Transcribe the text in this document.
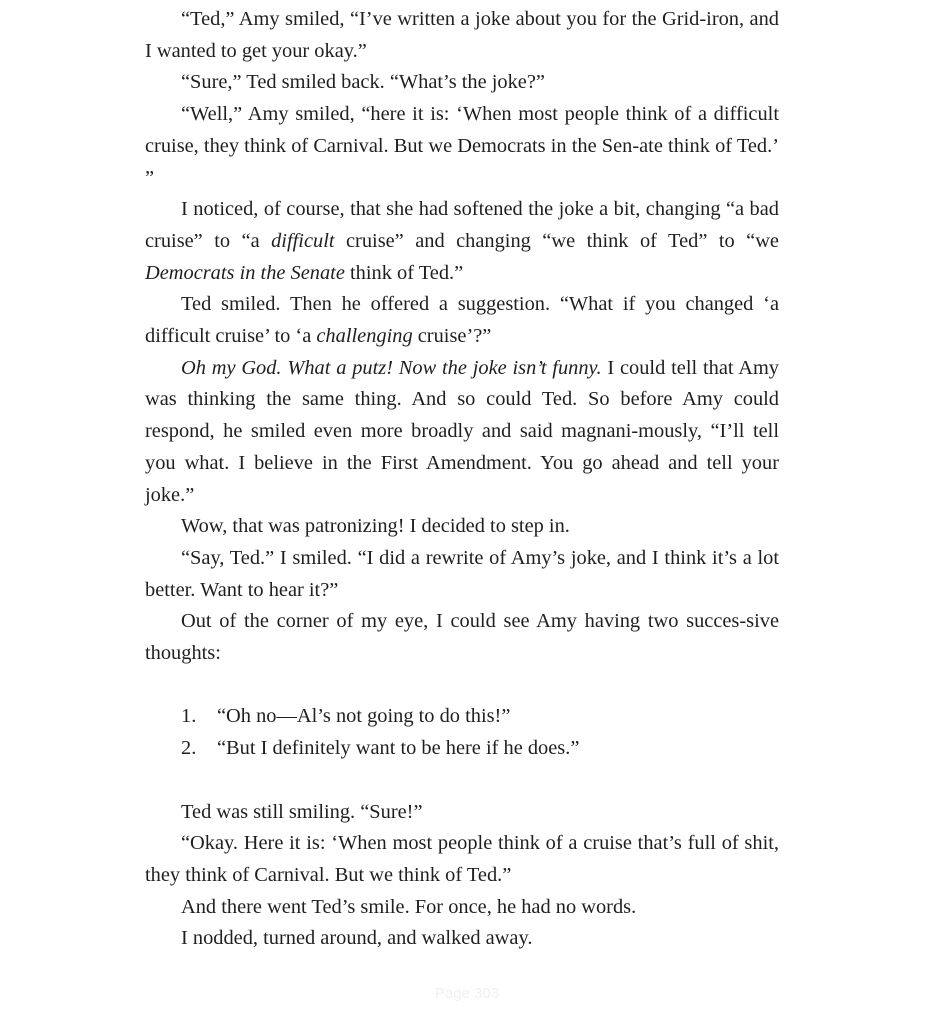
“Ted,” Amy smiled, “I’ve written a joke about you for the Grid-iron, and I wanted to get your okay.”

“Sure,” Ted smiled back. “What’s the joke?”

“Well,” Amy smiled, “here it is: ‘When most people think of a difficult cruise, they think of Carnival. But we Democrats in the Sen-ate think of Ted.’ ”

I noticed, of course, that she had softened the joke a bit, changing “a bad cruise” to “a difficult cruise” and changing “we think of Ted” to “we Democrats in the Senate think of Ted.”

Ted smiled. Then he offered a suggestion. “What if you changed ‘a difficult cruise’ to ‘a challenging cruise’?”

Oh my God. What a putz! Now the joke isn’t funny. I could tell that Amy was thinking the same thing. And so could Ted. So before Amy could respond, he smiled even more broadly and said magnani-mously, “I’ll tell you what. I believe in the First Amendment. You go ahead and tell your joke.”

Wow, that was patronizing! I decided to step in.

“Say, Ted.” I smiled. “I did a rewrite of Amy’s joke, and I think it’s a lot better. Want to hear it?”

Out of the corner of my eye, I could see Amy having two succes-sive thoughts:

1. “Oh no—Al’s not going to do this!”
2. “But I definitely want to be here if he does.”

Ted was still smiling. “Sure!”

“Okay. Here it is: ‘When most people think of a cruise that’s full of shit, they think of Carnival. But we think of Ted.”

And there went Ted’s smile. For once, he had no words.

I nodded, turned around, and walked away.

Page 303
